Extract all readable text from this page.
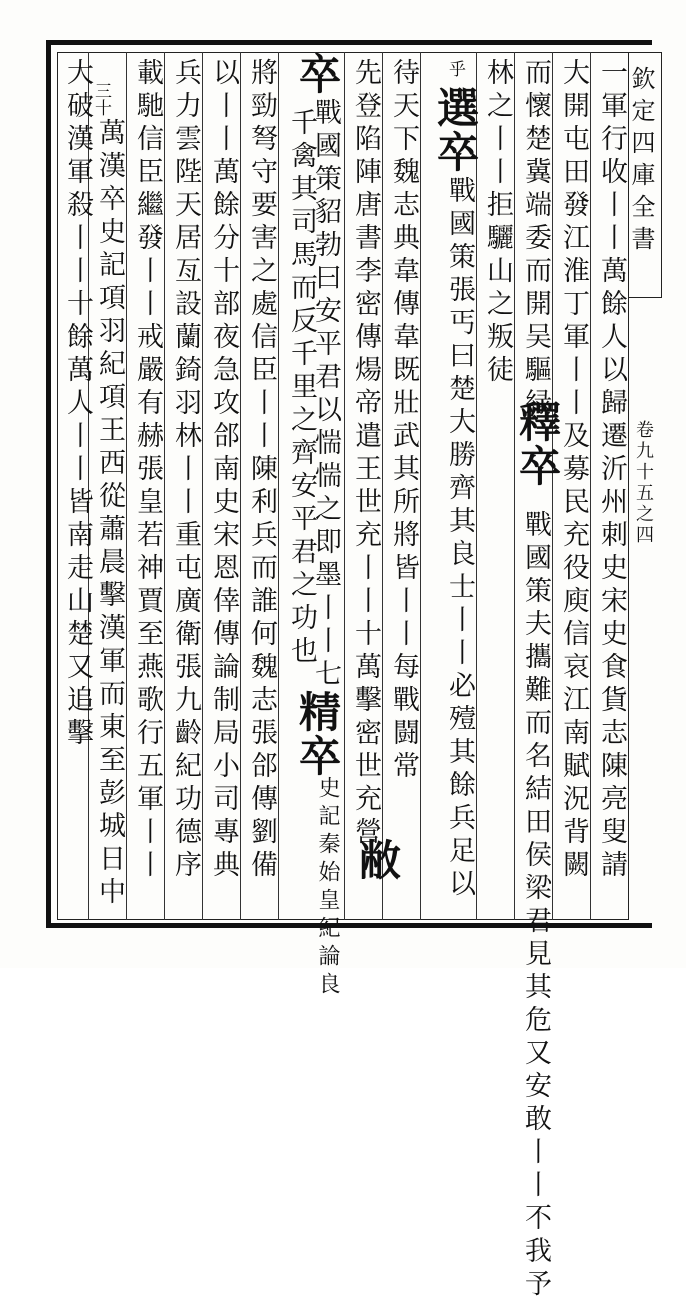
欽定四庫全書
卷九十五之四
一軍行收丨丨萬餘人以歸遷沂州刺史宋史食貨志陳亮叟請
大開屯田發江淮丁軍丨丨及募民充役庾信哀江南賦況背闕
而懷楚冀端委而開吴驅緑
釋卒
戰國策夫攜難而名結田侯梁君見其危又安敢丨丨不我予
林之丨丨拒驪山之叛徒
乎
選卒
戰國策張丐曰楚大勝齊其良士丨丨必殪其餘兵足以
待天下魏志典韋傳韋既壯武其所將皆丨丨每戰闘常
先登陷陣唐書李密傳煬帝遣王世充丨丨十萬擊密世充營
卒
戰國策貂勃曰安平君以惴惴之即墨丨丨七
千禽其司馬而反千里之齊安平君之功也
精卒
史記秦始皇紀論良 敝
將勁弩守要害之處信臣丨丨陳利兵而誰何魏志張郃傳劉備
以丨丨萬餘分十部夜急攻郃南史宋恩倖傳論制局小司專典
兵力雲陛天居亙設蘭錡羽林丨丨重屯廣衛張九齡紀功德序
載馳信臣繼發丨丨戒嚴有赫張皇若神賈至燕歌行五軍丨丨
三十
萬漢卒史記項羽紀項王西從蕭晨擊漢軍而東至彭城日中
大破漢軍殺丨丨十餘萬人丨丨皆南走山楚又追擊
